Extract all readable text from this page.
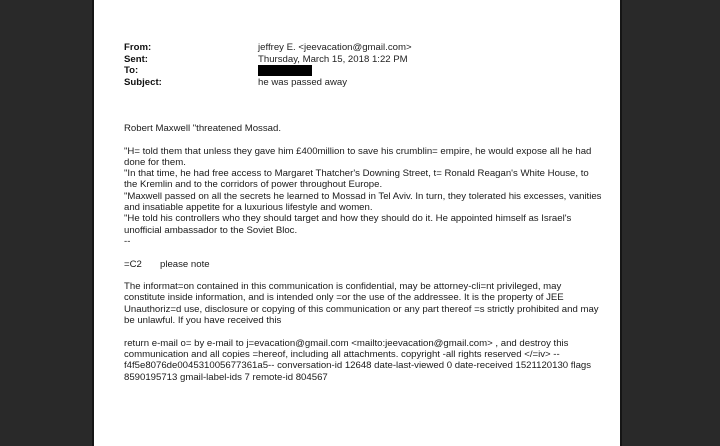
From:	jeffrey E. <jeevacation@gmail.com>
Sent:	Thursday, March 15, 2018 1:22 PM
To:
Subject:	he was passed away

Robert Maxwell "threatened Mossad.

"H= told them that unless they gave him £400million to save his crumblin= empire, he would expose all he had done for them.

"In that time, he had free access to Margaret Thatcher's Downing Street, t= Ronald Reagan's White House, to the Kremlin and to the corridors of power throughout Europe.

"Maxwell passed on all the secrets he learned to Mossad in Tel Aviv. In turn, they tolerated his excesses, vanities and insatiable appetite for a luxurious lifestyle and women.

"He told his controllers who they should target and how they should do it. He appointed himself as Israel's unofficial ambassador to the Soviet Bloc.

--

=C2	please note

The informat=on contained in this communication is confidential, may be attorney-cli=nt privileged, may constitute inside information, and is intended only =or the use of the addressee. It is the property of JEE Unauthoriz=d use, disclosure or copying of this communication or any part thereof =s strictly prohibited and may be unlawful. If you have received this

return e-mail o= by e-mail to j=evacation@gmail.com <mailto:jeevacation@gmail.com> , and destroy this communication and all copies =hereof, including all attachments. copyright -all rights reserved </=iv> --f4f5e8076de004531005677361a5-- conversation-id 12648 date-last-viewed 0 date-received 1521120130 flags 8590195713 gmail-label-ids 7 remote-id 804567
